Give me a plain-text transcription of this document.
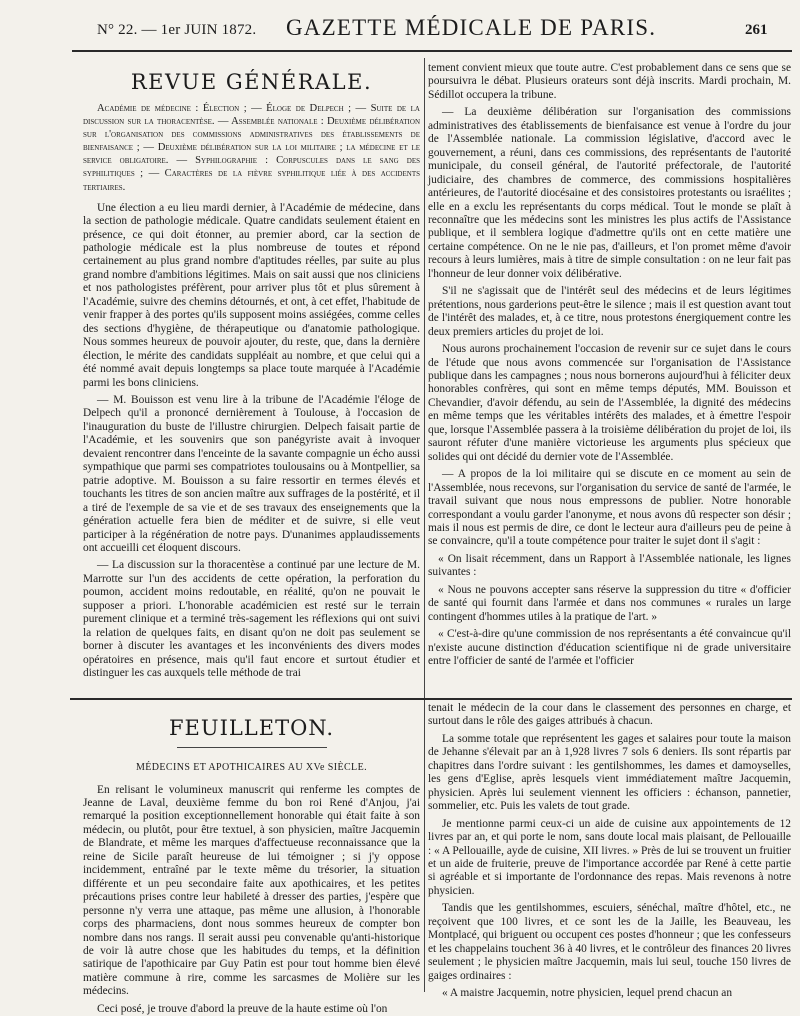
N° 22. — 1er JUIN 1872. GAZETTE MÉDICALE DE PARIS.	261
REVUE GÉNÉRALE.
Académie de médecine : Élection ; — Éloge de Delpech ; — Suite de la discussion sur la thoracentèse. — Assemblée nationale : Deuxième délibération sur l'organisation des commissions administratives des établissements de bienfaisance ; — Deuxième délibération sur la loi militaire ; la médecine et le service obligatoire. — Syphilographie : Corpuscules dans le sang des syphilitiques ; — Caractères de la fièvre syphilitique liée à des accidents tertiaires.

Une élection a eu lieu mardi dernier, à l'Académie de médecine, dans la section de pathologie médicale. Quatre candidats seulement étaient en présence, ce qui doit étonner, au premier abord, car la section de pathologie médicale est la plus nombreuse de toutes et répond certainement au plus grand nombre d'aptitudes réelles, par suite au plus grand nombre d'ambitions légitimes. Mais on sait aussi que nos cliniciens et nos pathologistes préfèrent, pour arriver plus tôt et plus sûrement à l'Académie, suivre des chemins détournés, et ont, à cet effet, l'habitude de venir frapper à des portes qu'ils supposent moins assiégées, comme celles des sections d'hygiène, de thérapeutique ou d'anatomie pathologique. Nous sommes heureux de pouvoir ajouter, du reste, que, dans la dernière élection, le mérite des candidats suppléait au nombre, et que celui qui a été nommé avait depuis longtemps sa place toute marquée à l'Académie parmi les bons cliniciens.

— M. Bouisson est venu lire à la tribune de l'Académie l'éloge de Delpech qu'il a prononcé dernièrement à Toulouse, à l'occasion de l'inauguration du buste de l'illustre chirurgien. Delpech faisait partie de l'Académie, et les souvenirs que son panégyriste avait à invoquer devaient rencontrer dans l'enceinte de la savante compagnie un écho aussi sympathique que parmi ses compatriotes toulousains ou à Montpellier, sa patrie adoptive. M. Bouisson a su faire ressortir en termes élevés et touchants les titres de son ancien maître aux suffrages de la postérité, et il a tiré de l'exemple de sa vie et de ses travaux des enseignements que la génération actuelle fera bien de méditer et de suivre, si elle veut participer à la régénération de notre pays. D'unanimes applaudissements ont accueilli cet éloquent discours.

— La discussion sur la thoracentèse a continué par une lecture de M. Marrotte sur l'un des accidents de cette opération, la perforation du poumon, accident moins redoutable, en réalité, qu'on ne pouvait le supposer a priori. L'honorable académicien est resté sur le terrain purement clinique et a terminé très-sagement les réflexions qui ont suivi la relation de quelques faits, en disant qu'on ne doit pas seulement se borner à discuter les avantages et les inconvénients des divers modes opératoires en présence, mais qu'il faut encore et surtout étudier et distinguer les cas auxquels telle méthode de trai

tement convient mieux que toute autre. C'est probablement dans ce sens que se poursuivra le débat. Plusieurs orateurs sont déjà inscrits. Mardi prochain, M. Sédillot occupera la tribune.

— La deuxième délibération sur l'organisation des commissions administratives des établissements de bienfaisance est venue à l'ordre du jour de l'Assemblée nationale. La commission législative, d'accord avec le gouvernement, a réuni, dans ces commissions, des représentants de l'autorité municipale, du conseil général, de l'autorité préfectorale, de l'autorité judiciaire, des chambres de commerce, des commissions hospitalières antérieures, de l'autorité diocésaine et des consistoires protestants ou israélites ; elle en a exclu les représentants du corps médical. Tout le monde se plaît à reconnaître que les médecins sont les ministres les plus actifs de l'Assistance publique, et il semblera logique d'admettre qu'ils ont en cette matière une certaine compétence. On ne le nie pas, d'ailleurs, et l'on promet même d'avoir recours à leurs lumières, mais à titre de simple consultation : on ne leur fait pas l'honneur de leur donner voix délibérative.

S'il ne s'agissait que de l'intérêt seul des médecins et de leurs légitimes prétentions, nous garderions peut-être le silence ; mais il est question avant tout de l'intérêt des malades, et, à ce titre, nous protestons énergiquement contre les deux premiers articles du projet de loi.

Nous aurons prochainement l'occasion de revenir sur ce sujet dans le cours de l'étude que nous avons commencée sur l'organisation de l'Assistance publique dans les campagnes ; nous nous bornerons aujourd'hui à féliciter deux honorables confrères, qui sont en même temps députés, MM. Bouisson et Chevandier, d'avoir défendu, au sein de l'Assemblée, la dignité des médecins en même temps que les véritables intérêts des malades, et à émettre l'espoir que, lorsque l'Assemblée passera à la troisième délibération du projet de loi, ils sauront réfuter d'une manière victorieuse les arguments plus spécieux que solides qui ont décidé du dernier vote de l'Assemblée.

— A propos de la loi militaire qui se discute en ce moment au sein de l'Assemblée, nous recevons, sur l'organisation du service de santé de l'armée, le travail suivant que nous nous empressons de publier. Notre honorable correspondant a voulu garder l'anonyme, et nous avons dû respecter son désir ; mais il nous est permis de dire, ce dont le lecteur aura d'ailleurs peu de peine à se convaincre, qu'il a toute compétence pour traiter le sujet dont il s'agit :

« On lisait récemment, dans un Rapport à l'Assemblée nationale, les lignes suivantes :

« Nous ne pouvons accepter sans réserve la suppression du titre « d'officier de santé qui fournit dans l'armée et dans nos communes « rurales un large contingent d'hommes utiles à la pratique de l'art. »

« C'est-à-dire qu'une commission de nos représentants a été convaincue qu'il n'existe aucune distinction d'éducation scientifique ni de grade universitaire entre l'officier de santé de l'armée et l'officier

FEUILLETON.
MÉDECINS ET APOTHICAIRES AU XVe SIÈCLE.

En relisant le volumineux manuscrit qui renferme les comptes de Jeanne de Laval, deuxième femme du bon roi René d'Anjou, j'ai remarqué la position exceptionnellement honorable qui était faite à son médecin, ou plutôt, pour être textuel, à son physicien, maître Jacquemin de Blandrate, et même les marques d'affectueuse reconnaissance que la reine de Sicile paraît heureuse de lui témoigner ; si j'y oppose incidemment, entraîné par le texte même du trésorier, la situation différente et un peu secondaire faite aux apothicaires, et les petites précautions prises contre leur habileté à dresser des parties, j'espère que personne n'y verra une attaque, pas même une allusion, à l'honorable corps des pharmaciens, dont nous sommes heureux de compter bon nombre dans nos rangs. Il serait aussi peu convenable qu'anti-historique de voir là autre chose que les habitudes du temps, et la définition satirique de l'apothicaire par Guy Patin est pour tout homme bien élevé matière commune à rire, comme les sarcasmes de Molière sur les médecins.

Ceci posé, je trouve d'abord la preuve de la haute estime où l'on

tenait le médecin de la cour dans le classement des personnes en charge, et surtout dans le rôle des gaiges attribués à chacun.

La somme totale que représentent les gages et salaires pour toute la maison de Jehanne s'élevait par an à 1,928 livres 7 sols 6 deniers. Ils sont répartis par chapitres dans l'ordre suivant : les gentilshommes, les dames et damoyselles, les gens d'Eglise, après lesquels vient immédiatement maître Jacquemin, physicien. Après lui seulement viennent les officiers : échanson, pannetier, sommelier, etc. Puis les valets de tout grade.

Je mentionne parmi ceux-ci un aide de cuisine aux appointements de 12 livres par an, et qui porte le nom, sans doute local mais plaisant, de Pellouaille : « A Pellouaille, ayde de cuisine, XII livres. » Près de lui se trouvent un fruitier et un aide de fruiterie, preuve de l'importance accordée par René à cette partie si agréable et si importante de l'ordonnance des repas. Mais revenons à notre physicien.

Tandis que les gentilshommes, escuiers, sénéchal, maître d'hôtel, etc., ne reçoivent que 100 livres, et ce sont les de la Jaille, les Beauveau, les Montplacé, qui briguent ou occupent ces postes d'honneur ; que les confesseurs et les chappelains touchent 36 à 40 livres, et le contrôleur des finances 20 livres seulement ; le physicien maître Jacquemin, mais lui seul, touche 150 livres de gaiges ordinaires :

« A maistre Jacquemin, notre physicien, lequel prend chacun an
